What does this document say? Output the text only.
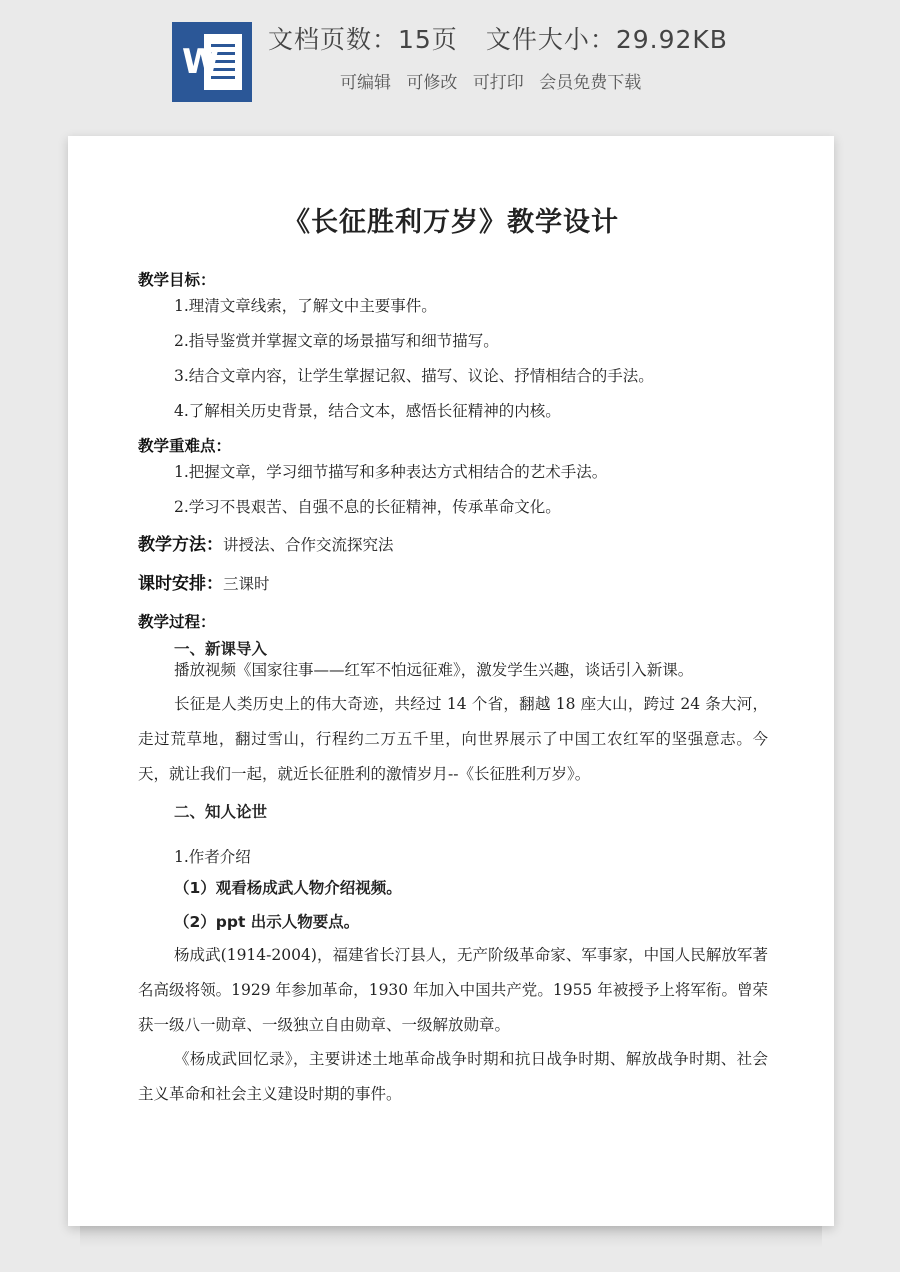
W
文档页数：15页 文件大小：29.92KB
可编辑 可修改 可打印 会员免费下载
《长征胜利万岁》教学设计
教学目标：
1.理清文章线索，了解文中主要事件。
2.指导鉴赏并掌握文章的场景描写和细节描写。
3.结合文章内容，让学生掌握记叙、描写、议论、抒情相结合的手法。
4.了解相关历史背景，结合文本，感悟长征精神的内核。
教学重难点：
1.把握文章，学习细节描写和多种表达方式相结合的艺术手法。
2.学习不畏艰苦、自强不息的长征精神，传承革命文化。
教学方法：讲授法、合作交流探究法
课时安排：三课时
教学过程：
一、新课导入
播放视频《国家往事——红军不怕远征难》，激发学生兴趣，谈话引入新课。
长征是人类历史上的伟大奇迹，共经过 14 个省，翻越 18 座大山，跨过 24 条大河，走过荒草地，翻过雪山，行程约二万五千里，向世界展示了中国工农红军的坚强意志。今天，就让我们一起，就近长征胜利的激情岁月--《长征胜利万岁》。
二、知人论世
1.作者介绍
（1）观看杨成武人物介绍视频。
（2）ppt 出示人物要点。
杨成武(1914-2004)，福建省长汀县人，无产阶级革命家、军事家，中国人民解放军著名高级将领。1929 年参加革命，1930 年加入中国共产党。1955 年被授予上将军衔。曾荣获一级八一勋章、一级独立自由勋章、一级解放勋章。
《杨成武回忆录》，主要讲述土地革命战争时期和抗日战争时期、解放战争时期、社会主义革命和社会主义建设时期的事件。
